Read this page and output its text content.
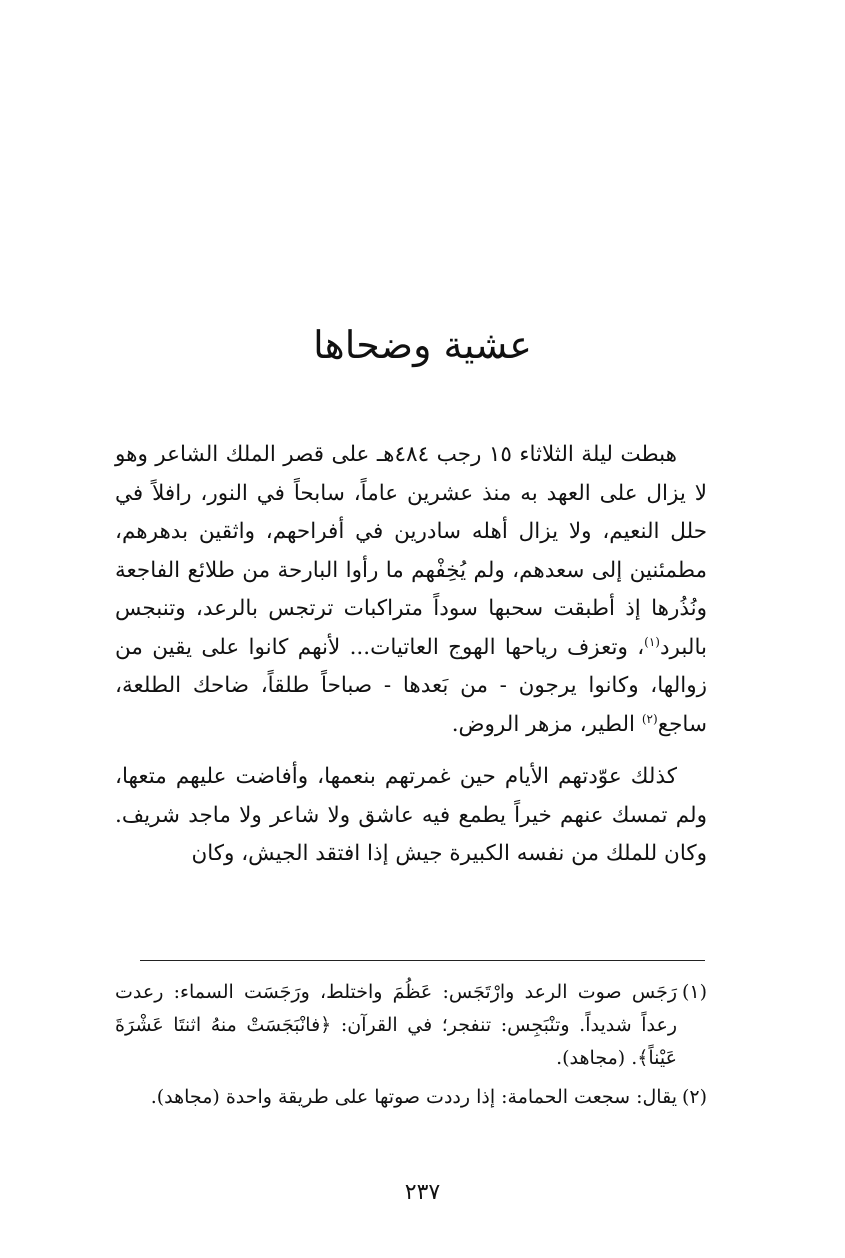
عشية وضحاها

هبطت ليلة الثلاثاء ١٥ رجب ٤٨٤هـ على قصر الملك الشاعر وهو لا يزال على العهد به منذ عشرين عاماً، سابحاً في النور، رافلاً في حلل النعيم، ولا يزال أهله سادرين في أفراحهم، واثقين بدهرهم، مطمئنين إلى سعدهم، ولم يُخِفْهم ما رأوا البارحة من طلائع الفاجعة ونُذُرها إذ أطبقت سحبها سوداً متراكبات ترتجس بالرعد، وتنبجس بالبرد$^{(١)}$، وتعزف رياحها الهوج العاتيات... لأنهم كانوا على يقين من زوالها، وكانوا يرجون - من بَعدها - صباحاً طلقاً، ضاحك الطلعة، ساجع$^{(٢)}$ الطير، مزهر الروض.

كذلك عوّدتهم الأيام حين غمرتهم بنعمها، وأفاضت عليهم متعها، ولم تمسك عنهم خيراً يطمع فيه عاشق ولا شاعر ولا ماجد شريف. وكان للملك من نفسه الكبيرة جيش إذا افتقد الجيش، وكان

(١)
رَجَس صوت الرعد وارْتَجَس: عَظُمَ واختلط، ورَجَسَت السماء: رعدت رعداً شديداً. وتنْبَجِس: تنفجر؛ في القرآن: ﴿فانْبَجَسَتْ منهُ اثنتَا عَشْرَةَ عَيْناً﴾. (مجاهد).
(٢)
يقال: سجعت الحمامة: إذا رددت صوتها على طريقة واحدة (مجاهد).
٢٣٧
